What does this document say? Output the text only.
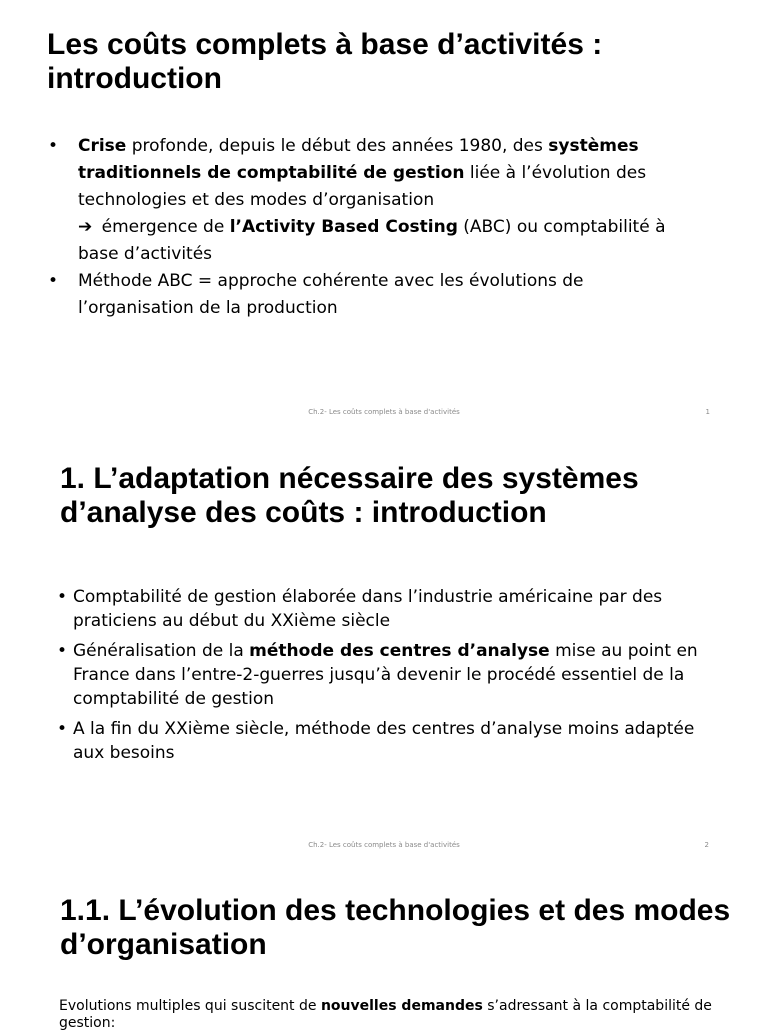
Les coûts complets à base d’activités : introduction
• Crise profonde, depuis le début des années 1980, des systèmes traditionnels de comptabilité de gestion liée à l’évolution des technologies et des modes d’organisation
➔ émergence de l’Activity Based Costing (ABC) ou comptabilité à base d’activités
• Méthode ABC = approche cohérente avec les évolutions de l’organisation de la production
Ch.2- Les coûts complets à base d'activités	1
1. L’adaptation nécessaire des systèmes d’analyse des coûts : introduction
• Comptabilité de gestion élaborée dans l’industrie américaine par des praticiens au début du XXième siècle
• Généralisation de la méthode des centres d’analyse mise au point en France dans l’entre-2-guerres jusqu’à devenir le procédé essentiel de la comptabilité de gestion
• A la fin du XXième siècle, méthode des centres d’analyse moins adaptée aux besoins
Ch.2- Les coûts complets à base d'activités	2
1.1. L’évolution des technologies et des modes d’organisation

Evolutions multiples qui suscitent de nouvelles demandes s’adressant à la comptabilité de gestion:
